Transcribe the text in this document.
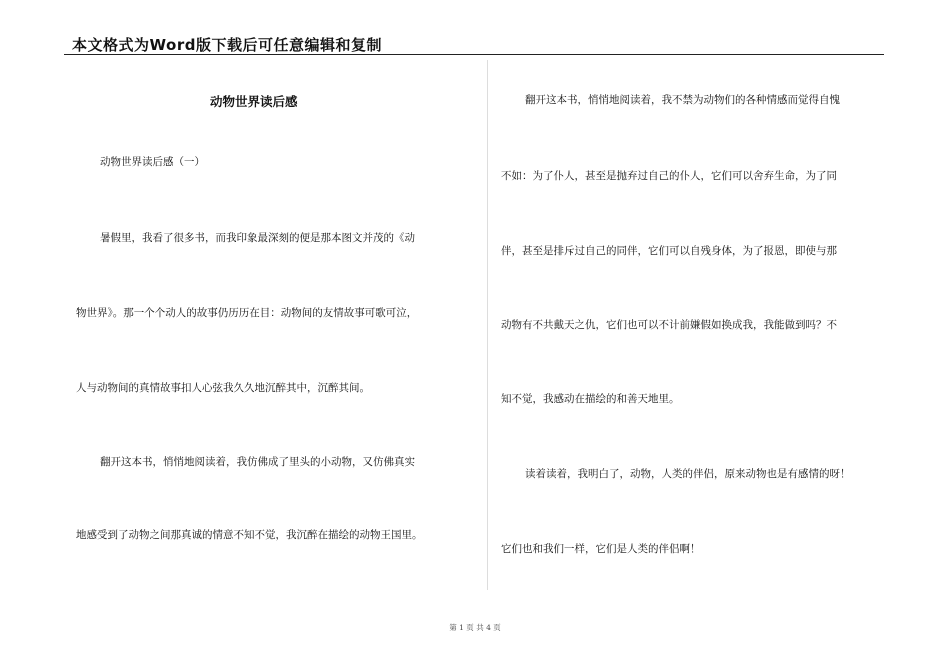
本文格式为Word版下载后可任意编辑和复制
动物世界读后感
动物世界读后感（一）
暑假里，我看了很多书，而我印象最深刻的便是那本图文并茂的《动
物世界》。那一个个动人的故事仍历历在目：动物间的友情故事可歌可泣，
人与动物间的真情故事扣人心弦我久久地沉醉其中，沉醉其间。
翻开这本书，悄悄地阅读着，我仿佛成了里头的小动物，又仿佛真实
地感受到了动物之间那真诚的情意不知不觉，我沉醉在描绘的动物王国里。
翻开这本书，悄悄地阅读着，我不禁为动物们的各种情感而觉得自愧
不如：为了仆人，甚至是抛弃过自己的仆人，它们可以舍弃生命，为了同
伴，甚至是排斥过自己的同伴，它们可以自残身体，为了报恩，即使与那
动物有不共戴天之仇，它们也可以不计前嫌假如换成我，我能做到吗？不
知不觉，我感动在描绘的和善天地里。
读着读着，我明白了，动物，人类的伴侣，原来动物也是有感情的呀！
它们也和我们一样，它们是人类的伴侣啊！
第 1 页 共 4 页
